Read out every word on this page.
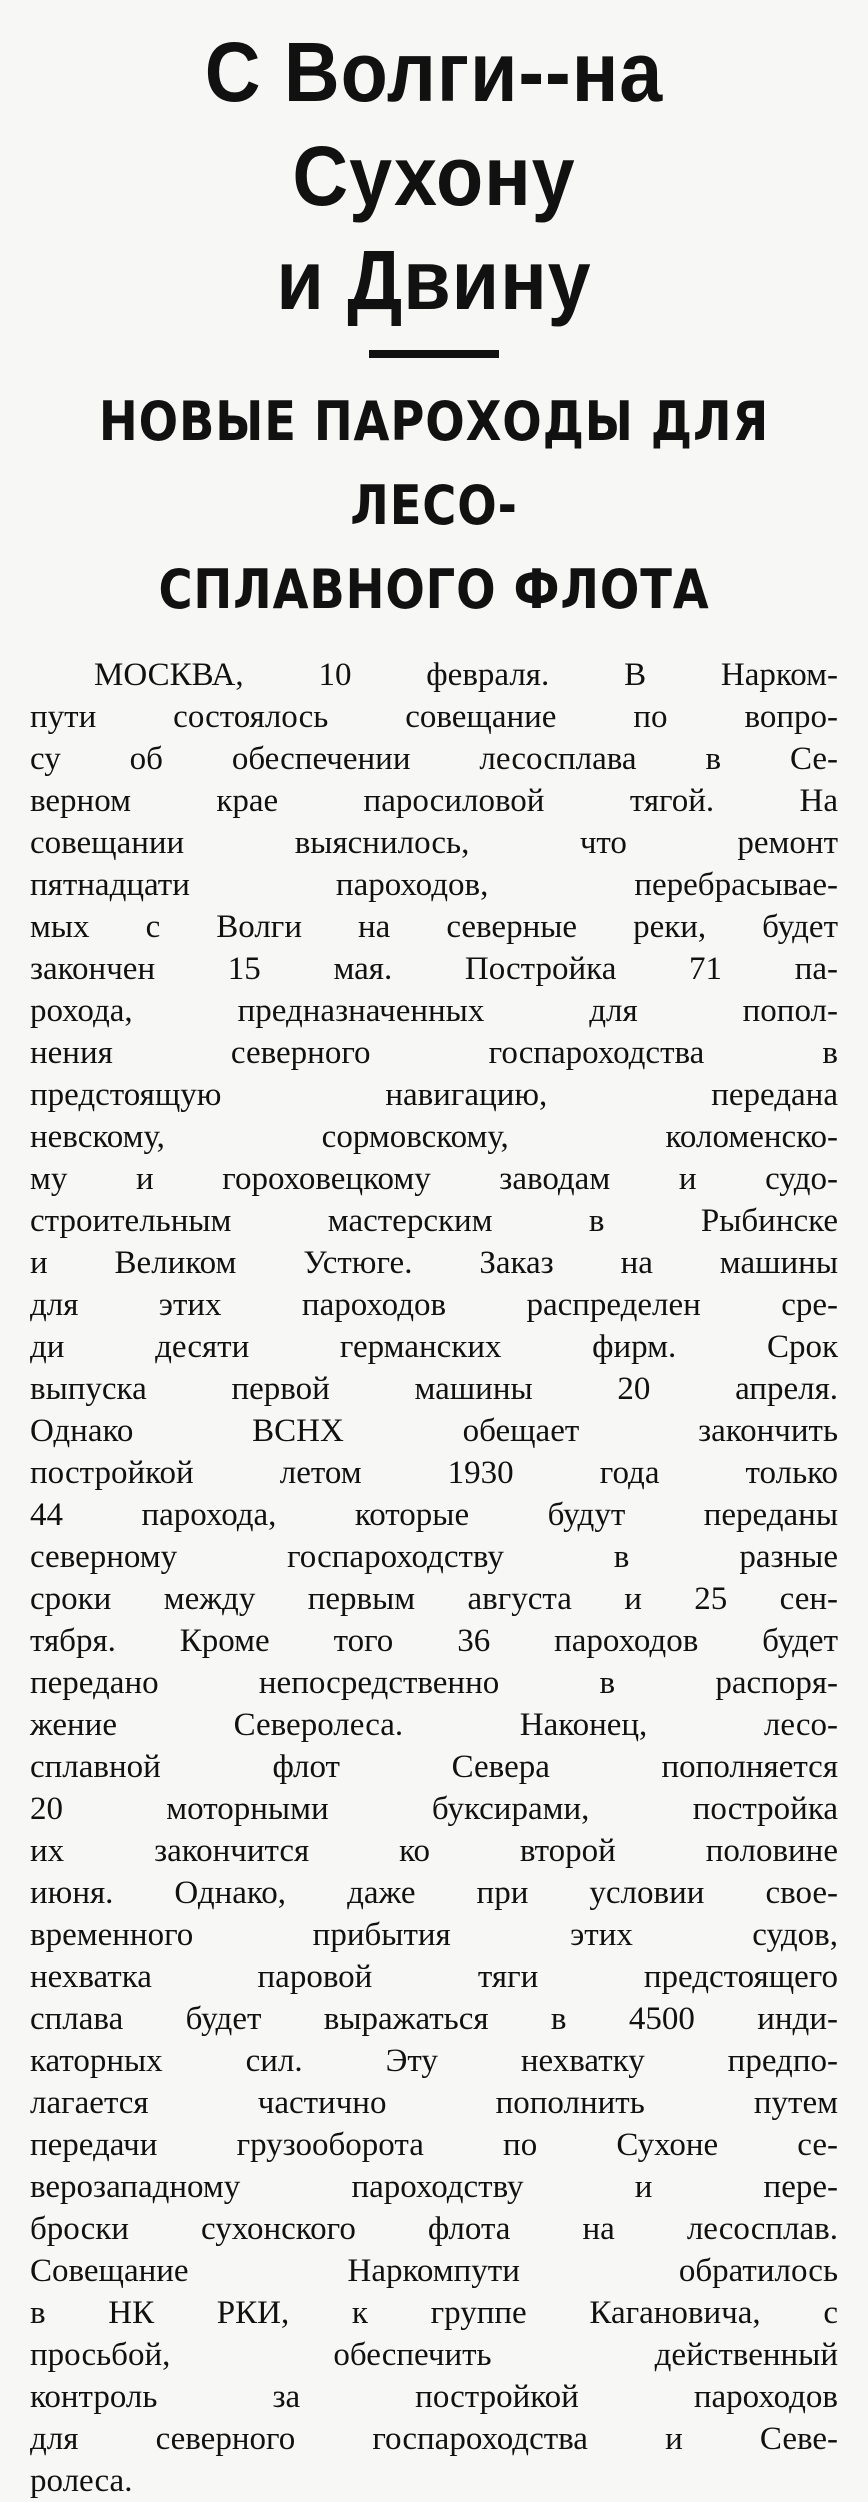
С Волги--на Сухону
и Двину
НОВЫЕ ПАРОХОДЫ ДЛЯ ЛЕСО-
СПЛАВНОГО ФЛОТА
МОСКВА, 10 февраля. В Нарком-
пути состоялось совещание по вопро-
су об обеспечении лесосплава в Се-
верном крае паросиловой тягой. На
совещании выяснилось, что ремонт
пятнадцати пароходов, перебрасывае-
мых с Волги на северные реки, будет
закончен 15 мая. Постройка 71 па-
рохода, предназначенных для попол-
нения северного госпароходства в
предстоящую навигацию, передана
невскому, сормовскому, коломенско-
му и гороховецкому заводам и судо-
строительным мастерским в Рыбинске
и Великом Устюге. Заказ на машины
для этих пароходов распределен сре-
ди десяти германских фирм. Срок
выпуска первой машины 20 апреля.
Однако ВСНХ обещает закончить
постройкой летом 1930 года только
44 парохода, которые будут переданы
северному госпароходству в разные
сроки между первым августа и 25 сен-
тября. Кроме того 36 пароходов будет
передано непосредственно в распоря-
жение Северолеса. Наконец, лесо-
сплавной флот Севера пополняется
20 моторными буксирами, постройка
их закончится ко второй половине
июня. Однако, даже при условии свое-
временного прибытия этих судов,
нехватка паровой тяги предстоящего
сплава будет выражаться в 4500 инди-
каторных сил. Эту нехватку предпо-
лагается частично пополнить путем
передачи грузооборота по Сухоне се-
верозападному пароходству и пере-
броски сухонского флота на лесосплав.
Совещание Наркомпути обратилось
в НК РКИ, к группе Кагановича, с
просьбой, обеспечить действенный
контроль за постройкой пароходов
для северного госпароходства и Севе-
ролеса.
